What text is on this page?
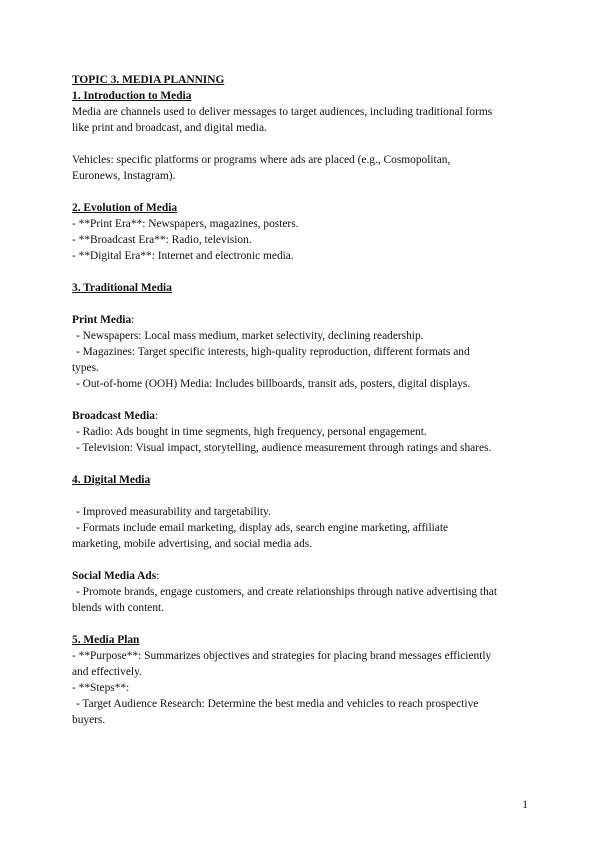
TOPIC 3. MEDIA PLANNING
1. Introduction to Media
Media are channels used to deliver messages to target audiences, including traditional forms
like print and broadcast, and digital media.
Vehicles: specific platforms or programs where ads are placed (e.g., Cosmopolitan,
Euronews, Instagram).
2. Evolution of Media
- **Print Era**: Newspapers, magazines, posters.
- **Broadcast Era**: Radio, television.
- **Digital Era**: Internet and electronic media.
3. Traditional Media
Print Media:
- Newspapers: Local mass medium, market selectivity, declining readership.
- Magazines: Target specific interests, high-quality reproduction, different formats and
types.
- Out-of-home (OOH) Media: Includes billboards, transit ads, posters, digital displays.
Broadcast Media:
- Radio: Ads bought in time segments, high frequency, personal engagement.
- Television: Visual impact, storytelling, audience measurement through ratings and shares.
4. Digital Media
- Improved measurability and targetability.
- Formats include email marketing, display ads, search engine marketing, affiliate
marketing, mobile advertising, and social media ads.
Social Media Ads:
- Promote brands, engage customers, and create relationships through native advertising that
blends with content.
5. Media Plan
- **Purpose**: Summarizes objectives and strategies for placing brand messages efficiently
and effectively.
- **Steps**:
- Target Audience Research: Determine the best media and vehicles to reach prospective
buyers.
1
